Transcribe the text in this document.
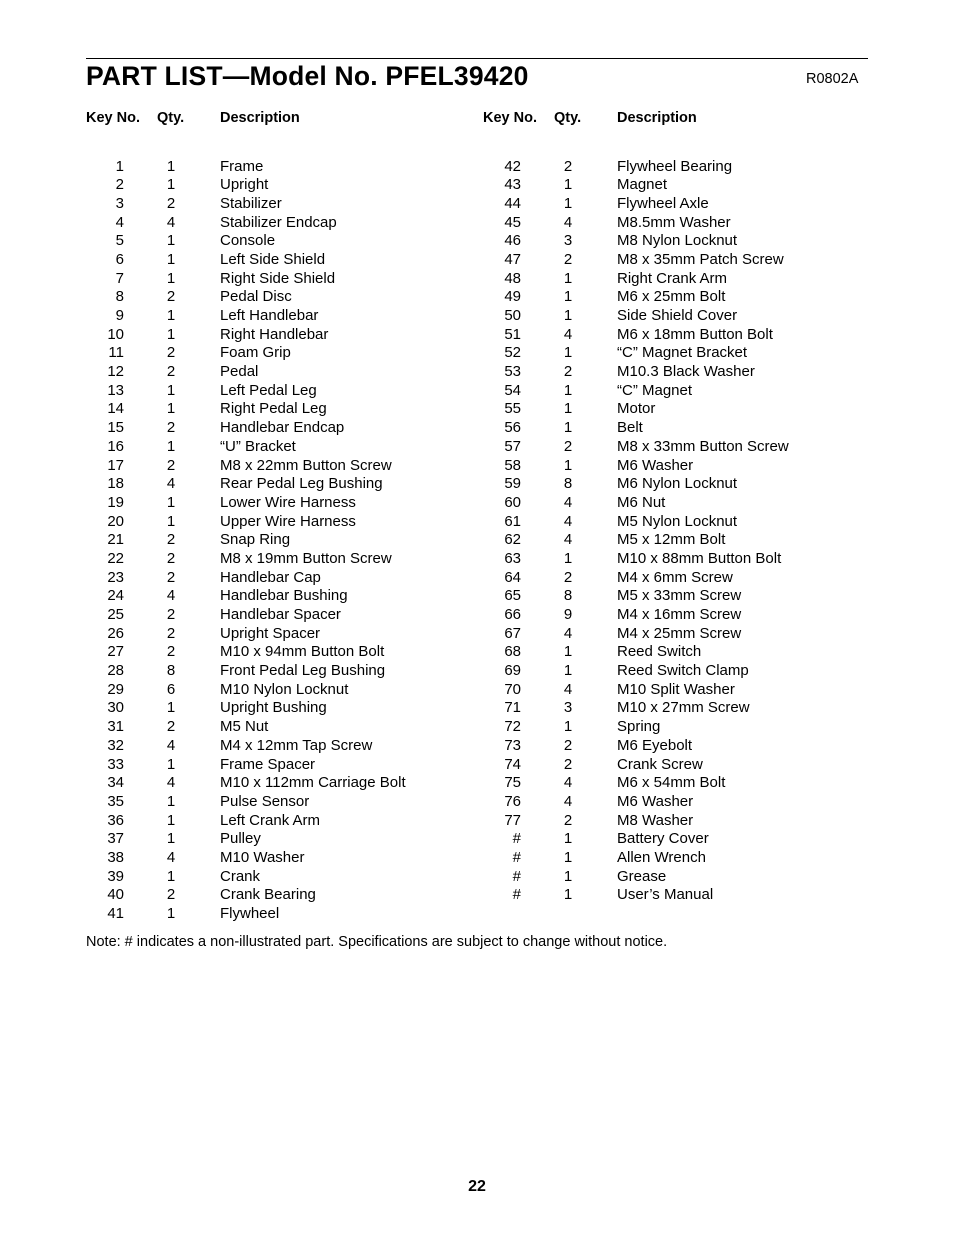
PART LIST—Model No. PFEL39420	R0802A
Key No. Qty. Description
1	1	Frame
2	1	Upright
3	2	Stabilizer
4	4	Stabilizer Endcap
5	1	Console
6	1	Left Side Shield
7	1	Right Side Shield
8	2	Pedal Disc
9	1	Left Handlebar
10	1	Right Handlebar
11	2	Foam Grip
12	2	Pedal
13	1	Left Pedal Leg
14	1	Right Pedal Leg
15	2	Handlebar Endcap
16	1	“U” Bracket
17	2	M8 x 22mm Button Screw
18	4	Rear Pedal Leg Bushing
19	1	Lower Wire Harness
20	1	Upper Wire Harness
21	2	Snap Ring
22	2	M8 x 19mm Button Screw
23	2	Handlebar Cap
24	4	Handlebar Bushing
25	2	Handlebar Spacer
26	2	Upright Spacer
27	2	M10 x 94mm Button Bolt
28	8	Front Pedal Leg Bushing
29	6	M10 Nylon Locknut
30	1	Upright Bushing
31	2	M5 Nut
32	4	M4 x 12mm Tap Screw
33	1	Frame Spacer
34	4	M10 x 112mm Carriage Bolt
35	1	Pulse Sensor
36	1	Left Crank Arm
37	1	Pulley
38	4	M10 Washer
39	1	Crank
40	2	Crank Bearing
41	1	Flywheel
Key No. Qty. Description
42	2	Flywheel Bearing
43	1	Magnet
44	1	Flywheel Axle
45	4	M8.5mm Washer
46	3	M8 Nylon Locknut
47	2	M8 x 35mm Patch Screw
48	1	Right Crank Arm
49	1	M6 x 25mm Bolt
50	1	Side Shield Cover
51	4	M6 x 18mm Button Bolt
52	1	“C” Magnet Bracket
53	2	M10.3 Black Washer
54	1	“C” Magnet
55	1	Motor
56	1	Belt
57	2	M8 x 33mm Button Screw
58	1	M6 Washer
59	8	M6 Nylon Locknut
60	4	M6 Nut
61	4	M5 Nylon Locknut
62	4	M5 x 12mm Bolt
63	1	M10 x 88mm Button Bolt
64	2	M4 x 6mm Screw
65	8	M5 x 33mm Screw
66	9	M4 x 16mm Screw
67	4	M4 x 25mm Screw
68	1	Reed Switch
69	1	Reed Switch Clamp
70	4	M10 Split Washer
71	3	M10 x 27mm Screw
72	1	Spring
73	2	M6 Eyebolt
74	2	Crank Screw
75	4	M6 x 54mm Bolt
76	4	M6 Washer
77	2	M8 Washer
#	1	Battery Cover
#	1	Allen Wrench
#	1	Grease
#	1	User’s Manual
Note: # indicates a non-illustrated part. Specifications are subject to change without notice.
22
